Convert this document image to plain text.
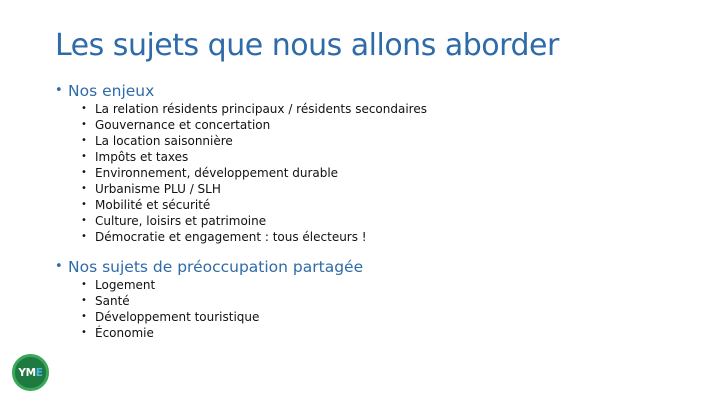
Les sujets que nous allons aborder
• Nos enjeux
• La relation résidents principaux / résidents secondaires
• Gouvernance et concertation
• La location saisonnière
• Impôts et taxes
• Environnement, développement durable
• Urbanisme PLU / SLH
• Mobilité et sécurité
• Culture, loisirs et patrimoine
• Démocratie et engagement : tous électeurs !
• Nos sujets de préoccupation partagée
• Logement
• Santé
• Développement touristique
• Économie
YME
